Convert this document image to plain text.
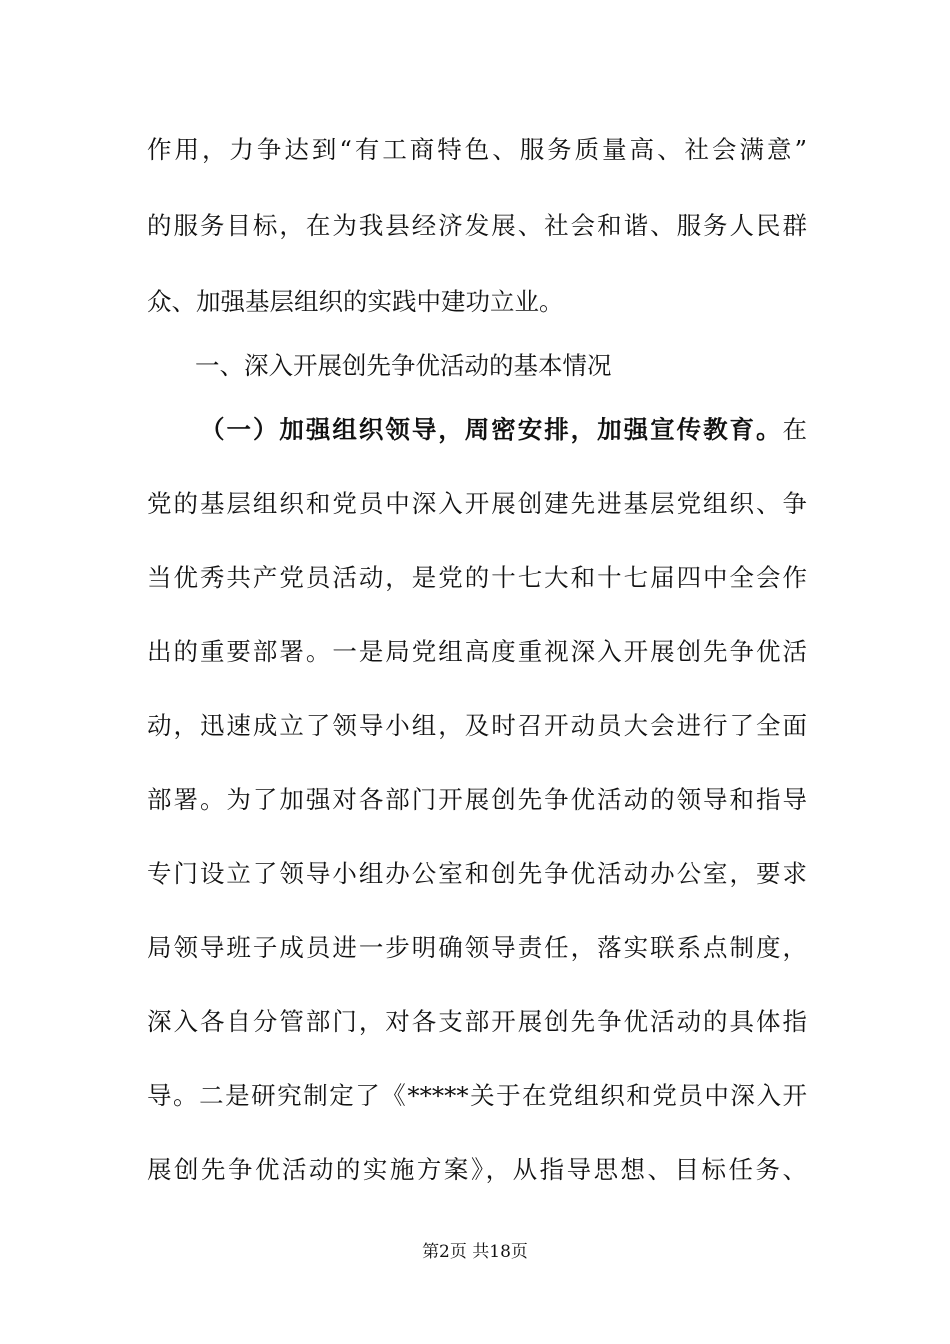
作用，力争达到“有工商特色、服务质量高、社会满意”
的服务目标，在为我县经济发展、社会和谐、服务人民群
众、加强基层组织的实践中建功立业。
一、深入开展创先争优活动的基本情况
（一）加强组织领导，周密安排，加强宣传教育。在
党的基层组织和党员中深入开展创建先进基层党组织、争
当优秀共产党员活动，是党的十七大和十七届四中全会作
出的重要部署。一是局党组高度重视深入开展创先争优活
动，迅速成立了领导小组，及时召开动员大会进行了全面
部署。为了加强对各部门开展创先争优活动的领导和指导
专门设立了领导小组办公室和创先争优活动办公室，要求
局领导班子成员进一步明确领导责任，落实联系点制度，
深入各自分管部门，对各支部开展创先争优活动的具体指
导。二是研究制定了《*****关于在党组织和党员中深入开
展创先争优活动的实施方案》，从指导思想、目标任务、
第2页 共18页
